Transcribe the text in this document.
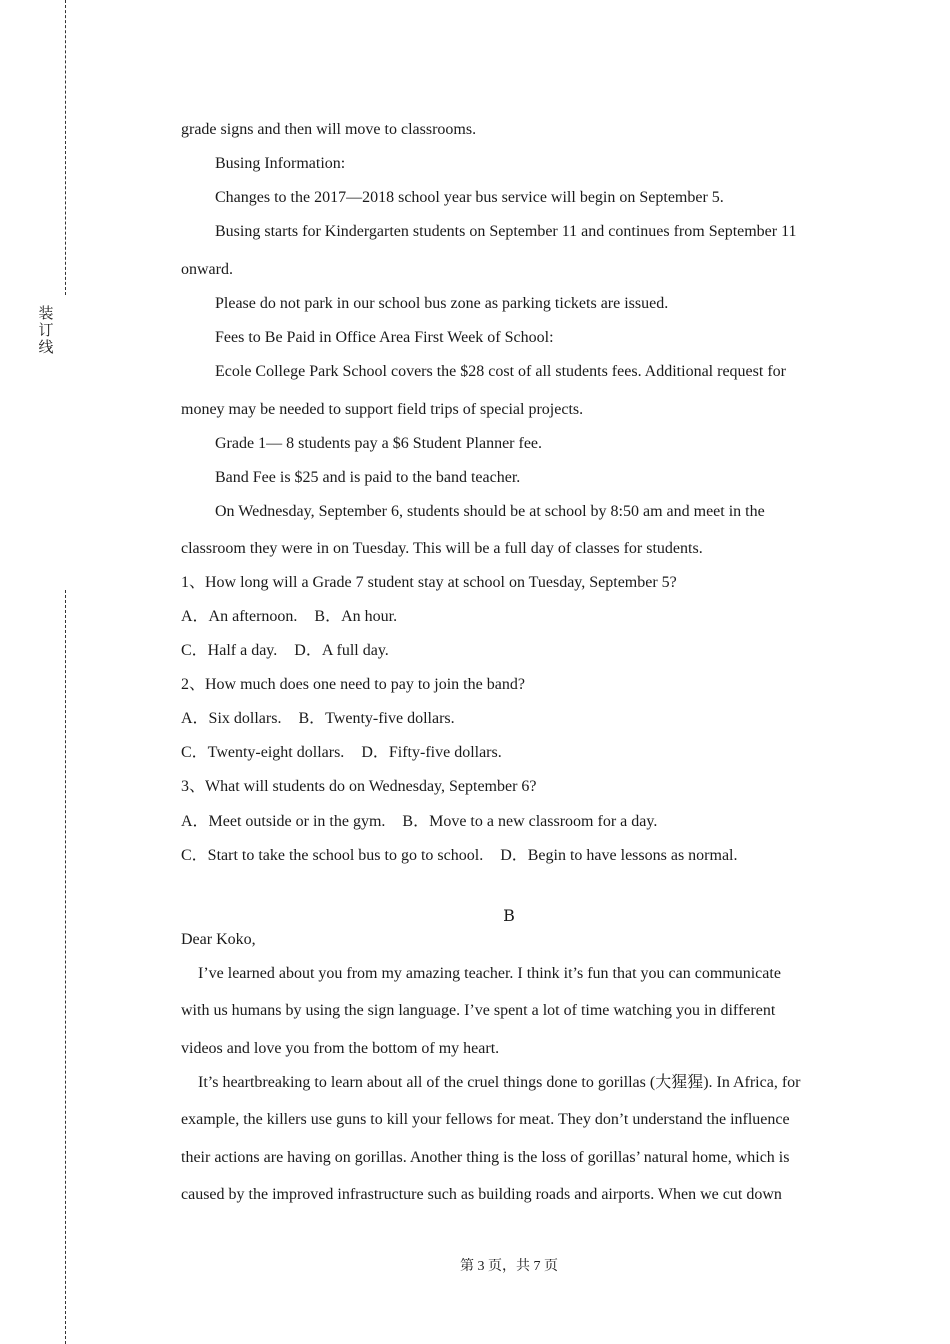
装
订
线
grade signs and then will move to classrooms.
Busing Information:
Changes to the 2017—2018 school year bus service will begin on September 5.
Busing starts for Kindergarten students on September 11 and continues from September 11
onward.
Please do not park in our school bus zone as parking tickets are issued.
Fees to Be Paid in Office Area First Week of School:
Ecole College Park School covers the $28 cost of all students fees. Additional request for
money may be needed to support field trips of special projects.
Grade 1— 8 students pay a $6 Student Planner fee.
Band Fee is $25 and is paid to the band teacher.
On Wednesday, September 6, students should be at school by 8:50 am and meet in the
classroom they were in on Tuesday. This will be a full day of classes for students.
1、How long will a Grade 7 student stay at school on Tuesday, September 5?
A．An afternoon. B．An hour.
C．Half a day. D．A full day.
2、How much does one need to pay to join the band?
A．Six dollars. B．Twenty-five dollars.
C．Twenty-eight dollars. D．Fifty-five dollars.
3、What will students do on Wednesday, September 6?
A．Meet outside or in the gym. B．Move to a new classroom for a day.
C．Start to take the school bus to go to school. D．Begin to have lessons as normal.
B
Dear Koko,
I’ve learned about you from my amazing teacher. I think it’s fun that you can communicate
with us humans by using the sign language. I’ve spent a lot of time watching you in different
videos and love you from the bottom of my heart.
It’s heartbreaking to learn about all of the cruel things done to gorillas (大猩猩). In Africa, for
example, the killers use guns to kill your fellows for meat. They don’t understand the influence
their actions are having on gorillas. Another thing is the loss of gorillas’ natural home, which is
caused by the improved infrastructure such as building roads and airports. When we cut down
第 3 页，共 7 页
